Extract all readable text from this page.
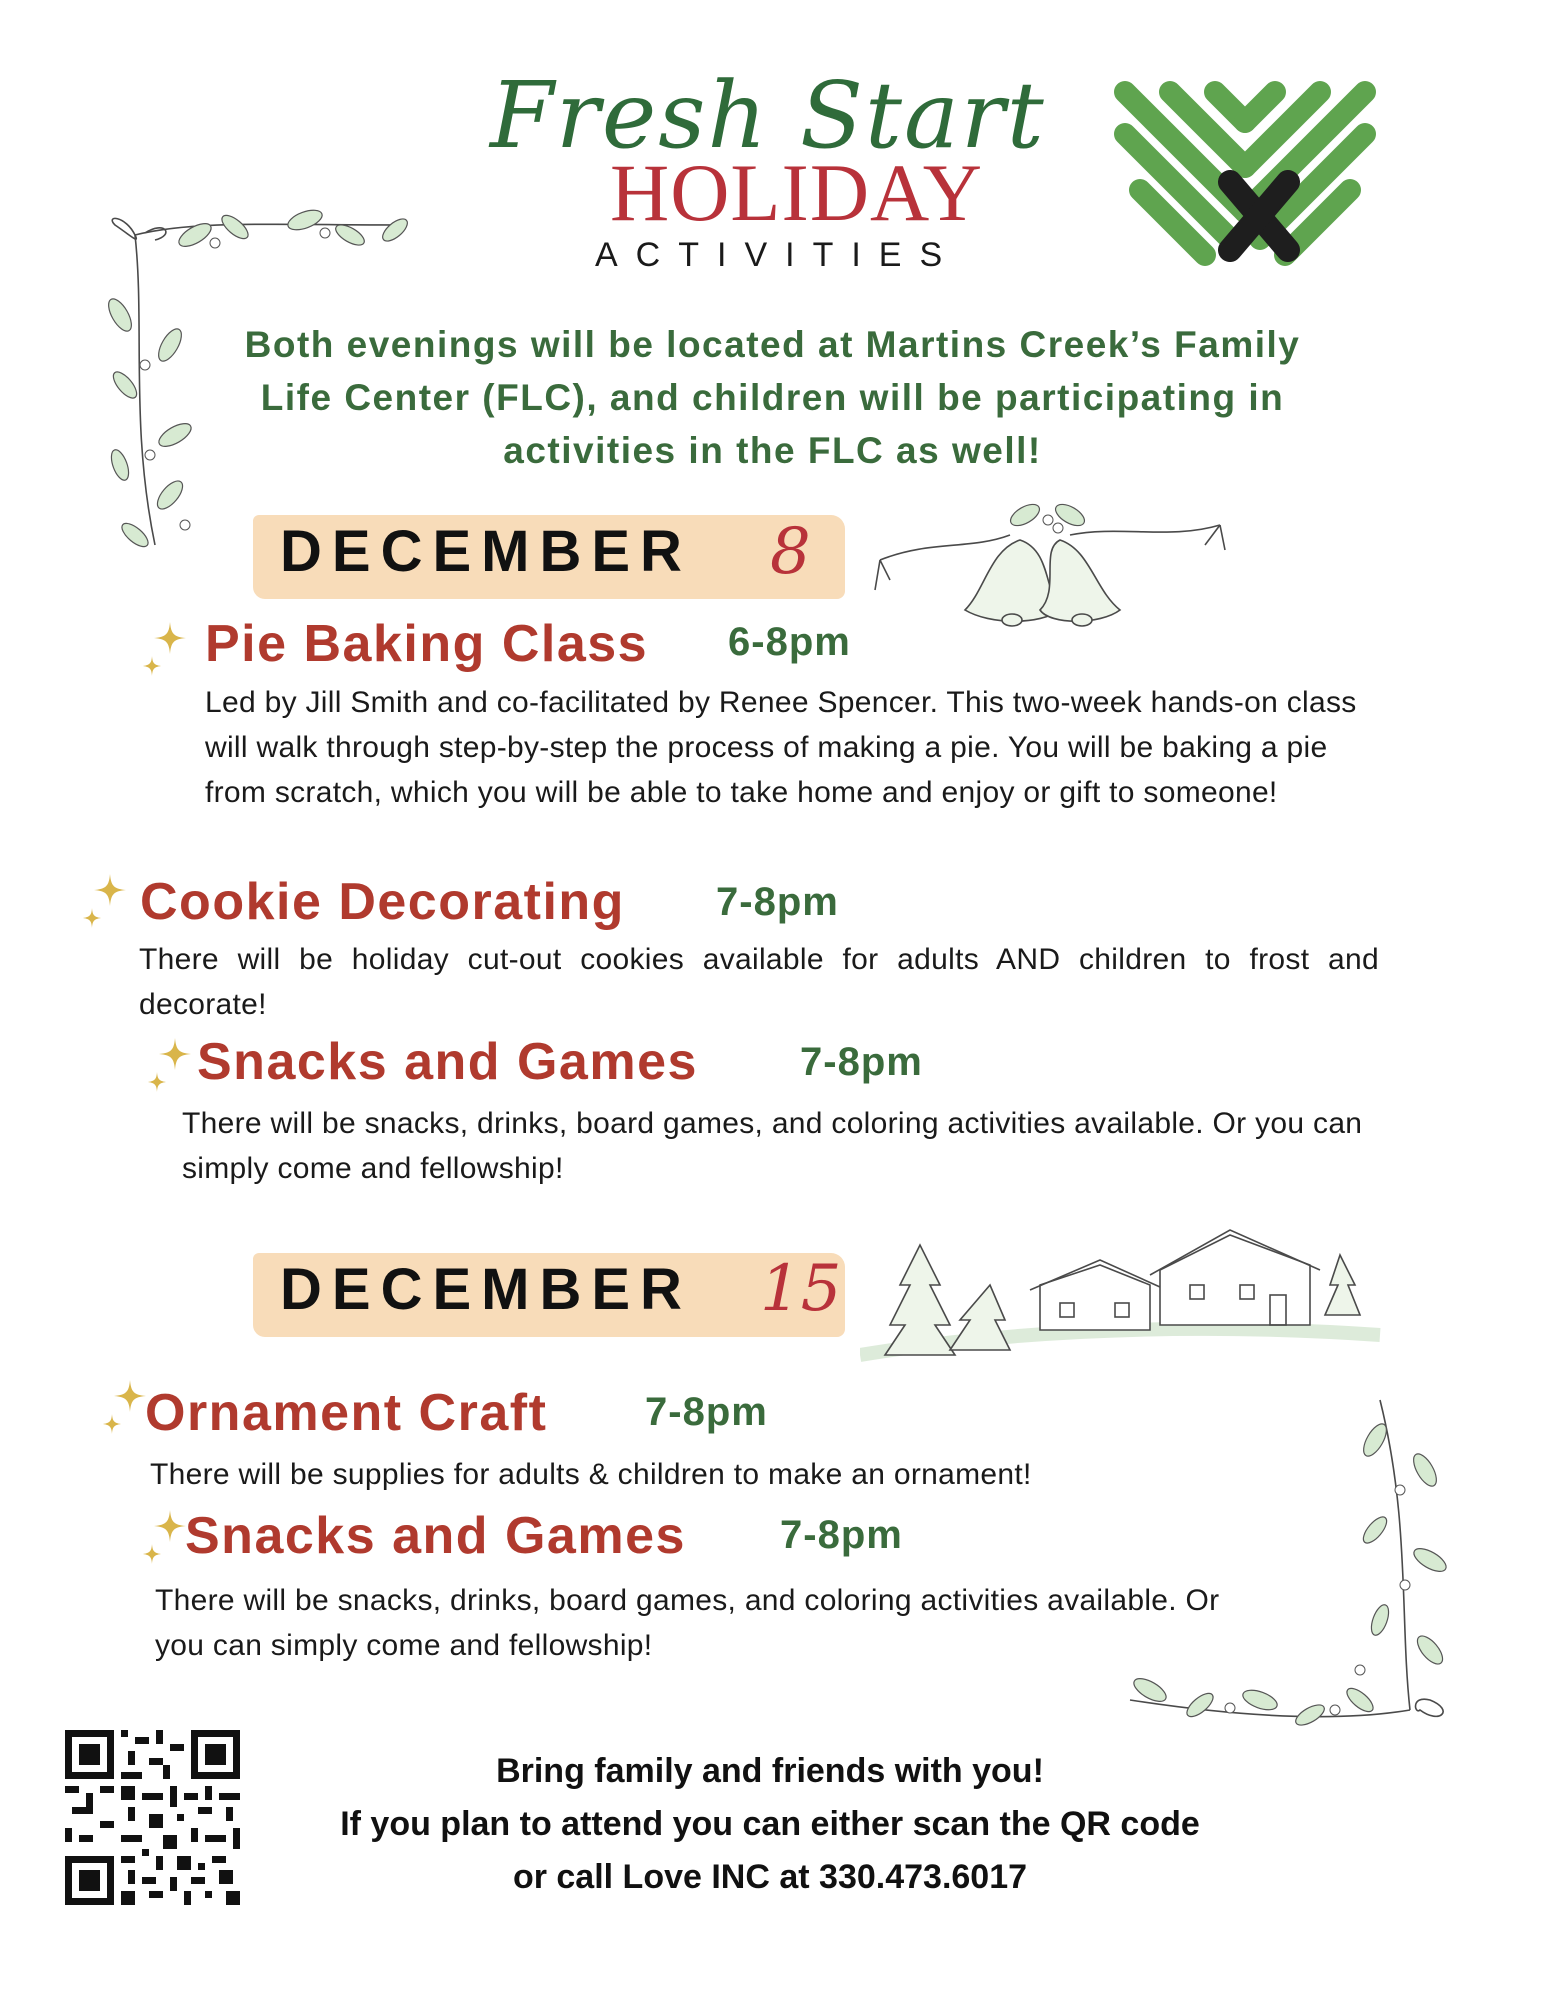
Fresh Start
HOLIDAY
ACTIVITIES
Both evenings will be located at Martins Creek’s Family Life Center (FLC), and children will be participating in activities in the FLC as well!
DECEMBER 8
Pie Baking Class 6-8pm
Led by Jill Smith and co-facilitated by Renee Spencer. This two-week hands-on class will walk through step-by-step the process of making a pie. You will be baking a pie from scratch, which you will be able to take home and enjoy or gift to someone!
Cookie Decorating 7-8pm
There will be holiday cut-out cookies available for adults AND children to frost and decorate!
Snacks and Games	7-8pm
There will be snacks, drinks, board games, and coloring activities available. Or you can simply come and fellowship!
DECEMBER 15
Ornament Craft 7-8pm
There will be supplies for adults & children to make an ornament!
Snacks and Games 7-8pm
There will be snacks, drinks, board games, and coloring activities available. Or you can simply come and fellowship!
Bring family and friends with you!
If you plan to attend you can either scan the QR code
or call Love INC at 330.473.6017
